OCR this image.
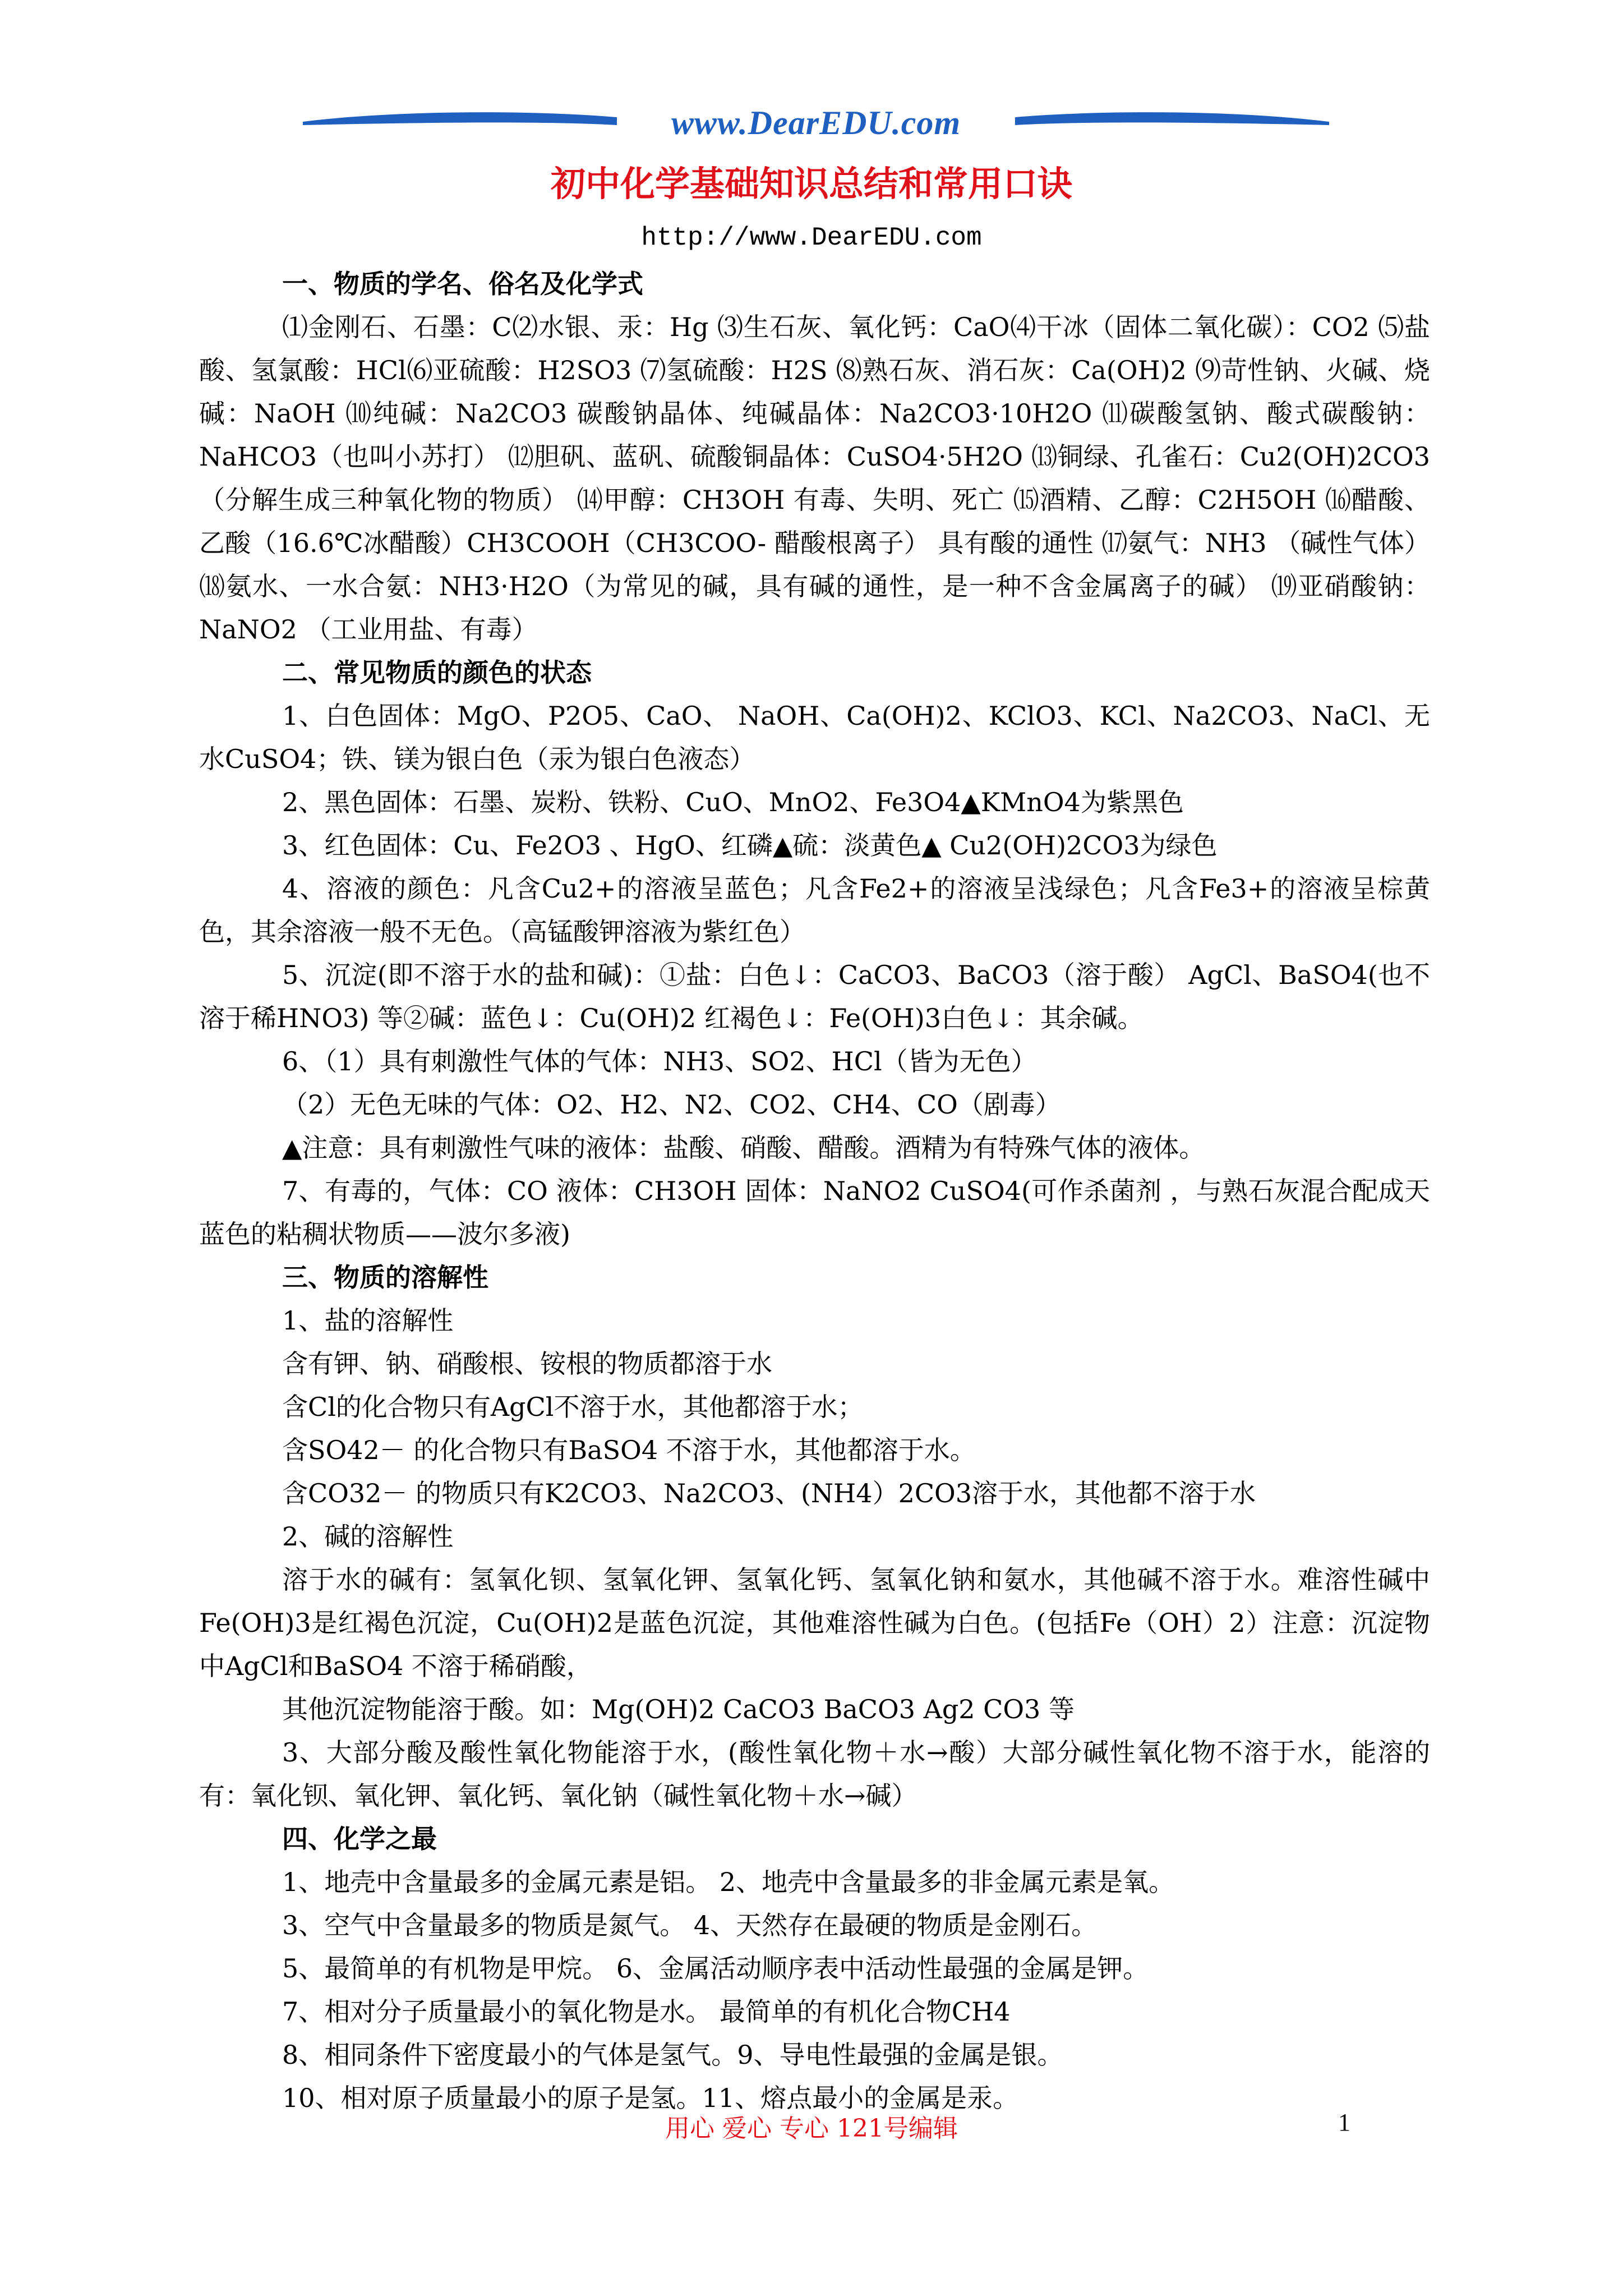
www.DearEDU.com
初中化学基础知识总结和常用口诀
http://www.DearEDU.com

一、物质的学名、俗名及化学式

⑴金刚石、石墨：C⑵水银、汞：Hg ⑶生石灰、氧化钙：CaO⑷干冰（固体二氧化碳）：CO2 ⑸盐酸、氢氯酸：HCl⑹亚硫酸：H2SO3 ⑺氢硫酸：H2S ⑻熟石灰、消石灰：Ca(OH)2 ⑼苛性钠、火碱、烧碱：NaOH ⑽纯碱：Na2CO3 碳酸钠晶体、纯碱晶体：Na2CO3·10H2O ⑾碳酸氢钠、酸式碳酸钠：NaHCO3（也叫小苏打） ⑿胆矾、蓝矾、硫酸铜晶体：CuSO4·5H2O ⒀铜绿、孔雀石：Cu2(OH)2CO3（分解生成三种氧化物的物质） ⒁甲醇：CH3OH 有毒、失明、死亡 ⒂酒精、乙醇：C2H5OH ⒃醋酸、乙酸（16.6℃冰醋酸）CH3COOH（CH3COO- 醋酸根离子） 具有酸的通性 ⒄氨气：NH3 （碱性气体） ⒅氨水、一水合氨：NH3·H2O（为常见的碱，具有碱的通性，是一种不含金属离子的碱） ⒆亚硝酸钠：NaNO2 （工业用盐、有毒）

二、常见物质的颜色的状态

1、白色固体：MgO、P2O5、CaO、 NaOH、Ca(OH)2、KClO3、KCl、Na2CO3、NaCl、无水CuSO4；铁、镁为银白色（汞为银白色液态）

2、黑色固体：石墨、炭粉、铁粉、CuO、MnO2、Fe3O4▲KMnO4为紫黑色

3、红色固体：Cu、Fe2O3 、HgO、红磷▲硫：淡黄色▲ Cu2(OH)2CO3为绿色

4、溶液的颜色：凡含Cu2+的溶液呈蓝色；凡含Fe2+的溶液呈浅绿色；凡含Fe3+的溶液呈棕黄色，其余溶液一般不无色。（高锰酸钾溶液为紫红色）

5、沉淀(即不溶于水的盐和碱)：①盐：白色↓：CaCO3、BaCO3（溶于酸） AgCl、BaSO4(也不溶于稀HNO3) 等②碱：蓝色↓：Cu(OH)2 红褐色↓：Fe(OH)3白色↓：其余碱。

6、（1）具有刺激性气体的气体：NH3、SO2、HCl（皆为无色）

（2）无色无味的气体：O2、H2、N2、CO2、CH4、CO（剧毒）

▲注意：具有刺激性气味的液体：盐酸、硝酸、醋酸。酒精为有特殊气体的液体。

7、有毒的，气体：CO 液体：CH3OH 固体：NaNO2 CuSO4(可作杀菌剂 ，与熟石灰混合配成天蓝色的粘稠状物质——波尔多液)

三、物质的溶解性

1、盐的溶解性

含有钾、钠、硝酸根、铵根的物质都溶于水

含Cl的化合物只有AgCl不溶于水，其他都溶于水；

含SO42－ 的化合物只有BaSO4 不溶于水，其他都溶于水。

含CO32－ 的物质只有K2CO3、Na2CO3、(NH4）2CO3溶于水，其他都不溶于水

2、碱的溶解性

溶于水的碱有：氢氧化钡、氢氧化钾、氢氧化钙、氢氧化钠和氨水，其他碱不溶于水。难溶性碱中Fe(OH)3是红褐色沉淀，Cu(OH)2是蓝色沉淀，其他难溶性碱为白色。(包括Fe（OH）2）注意：沉淀物中AgCl和BaSO4 不溶于稀硝酸，

其他沉淀物能溶于酸。如：Mg(OH)2 CaCO3 BaCO3 Ag2 CO3 等

3、大部分酸及酸性氧化物能溶于水，(酸性氧化物＋水→酸）大部分碱性氧化物不溶于水，能溶的有：氧化钡、氧化钾、氧化钙、氧化钠（碱性氧化物＋水→碱）

四、化学之最

1、地壳中含量最多的金属元素是铝。 2、地壳中含量最多的非金属元素是氧。

3、空气中含量最多的物质是氮气。 4、天然存在最硬的物质是金刚石。

5、最简单的有机物是甲烷。 6、金属活动顺序表中活动性最强的金属是钾。

7、相对分子质量最小的氧化物是水。 最简单的有机化合物CH4

8、相同条件下密度最小的气体是氢气。9、导电性最强的金属是银。

10、相对原子质量最小的原子是氢。11、熔点最小的金属是汞。

用心 爱心 专心 121号编辑	1
